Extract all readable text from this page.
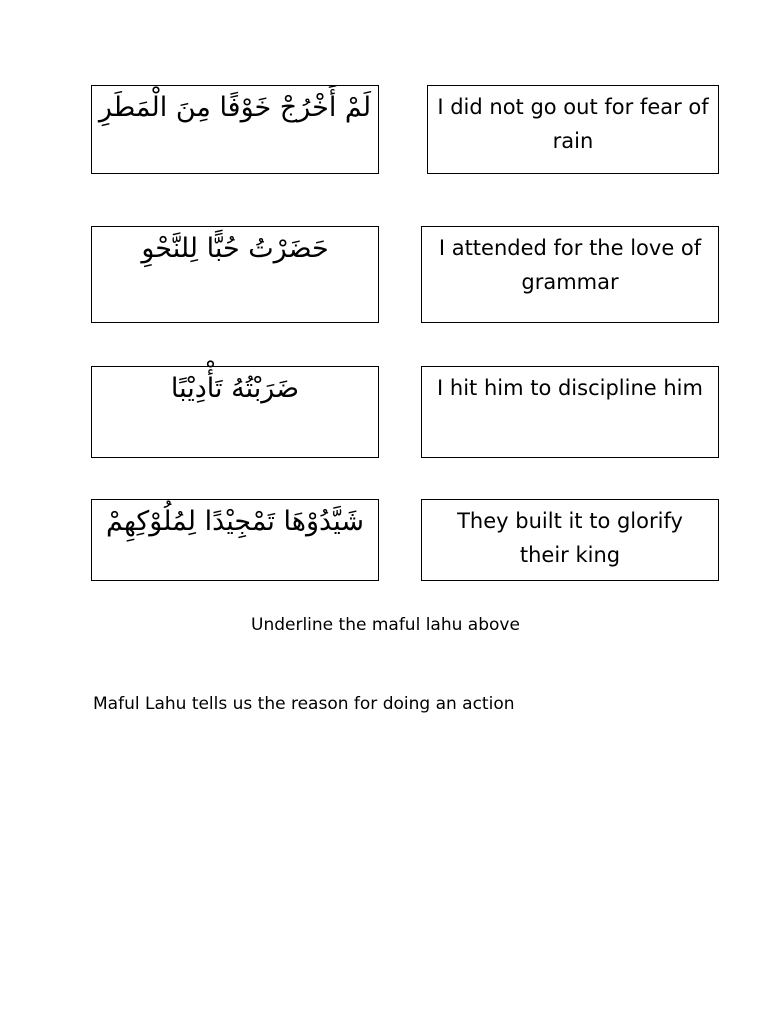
لَمْ أَخْرُجْ خَوْفًا مِنَ الْمَطَرِ	I did not go out for fear of rain
حَضَرْتُ حُبًّا لِلنَّحْوِ	I attended for the love of grammar
ضَرَبْتُهُ تَأْدِيْبًا	I hit him to discipline him
شَيَّدُوْهَا تَمْجِيْدًا لِمُلُوْكِهِمْ	They built it to glorify their king
Underline the maful lahu above
Maful Lahu tells us the reason for doing an action
